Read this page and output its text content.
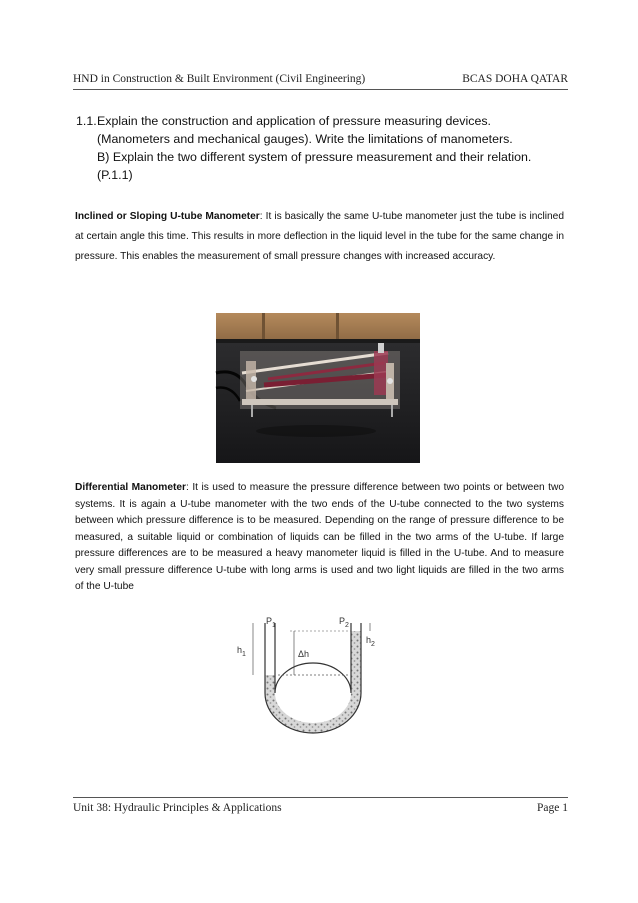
HND in Construction & Built Environment (Civil Engineering)	BCAS DOHA QATAR
1.1. Explain the construction and application of pressure measuring devices.
(Manometers and mechanical gauges). Write the limitations of manometers.
B) Explain the two different system of pressure measurement and their relation.
(P.1.1)

Inclined or Sloping U-tube Manometer: It is basically the same U-tube manometer just the tube is inclined at certain angle this time. This results in more deflection in the liquid level in the tube for the same change in pressure. This enables the measurement of small pressure changes with increased accuracy.

Differential Manometer: It is used to measure the pressure difference between two points or between two systems. It is again a U-tube manometer with the two ends of the U-tube connected to the two systems between which pressure difference is to be measured. Depending on the range of pressure difference to be measured, a suitable liquid or combination of liquids can be filled in the two arms of the U-tube. If large pressure differences are to be measured a heavy manometer liquid is filled in the U-tube. And to measure very small pressure difference U-tube with long arms is used and two light liquids are filled in the two arms of the U-tube

$P_1$	$P_2$
$h_1$
$h_2$
Δh
Unit 38: Hydraulic Principles & Applications	Page 1
